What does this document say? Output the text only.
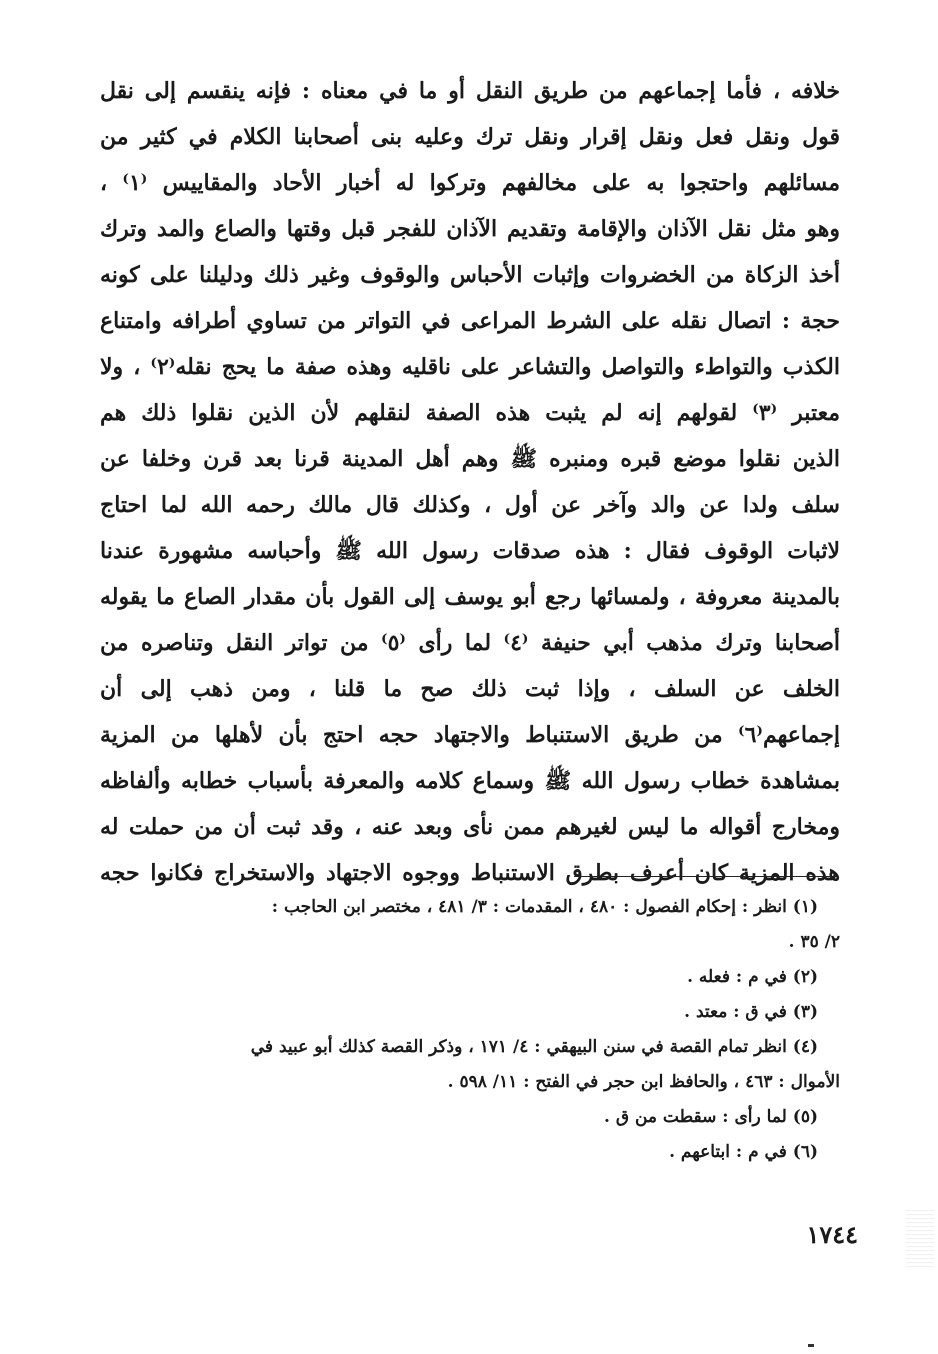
خلافه ، فأما إجماعهم من طريق النقل أو ما في معناه : فإنه ينقسم إلى نقل
قول ونقل فعل ونقل إقرار ونقل ترك وعليه بنى أصحابنا الكلام في كثير من
مسائلهم واحتجوا به على مخالفهم وتركوا له أخبار الأحاد والمقاييس ⁽١⁾ ،
وهو مثل نقل الآذان والإقامة وتقديم الآذان للفجر قبل وقتها والصاع والمد وترك
أخذ الزكاة من الخضروات وإثبات الأحباس والوقوف وغير ذلك ودليلنا على كونه
حجة : اتصال نقله على الشرط المراعى في التواتر من تساوي أطرافه وامتناع
الكذب والتواطء والتواصل والتشاعر على ناقليه وهذه صفة ما يحج نقله⁽٢⁾ ، ولا
معتبر ⁽٣⁾ لقولهم إنه لم يثبت هذه الصفة لنقلهم لأن الذين نقلوا ذلك هم
الذين نقلوا موضع قبره ومنبره ﷺ وهم أهل المدينة قرنا بعد قرن وخلفا عن
سلف ولدا عن والد وآخر عن أول ، وكذلك قال مالك رحمه الله لما احتاج
لاثبات الوقوف فقال : هذه صدقات رسول الله ﷺ وأحباسه مشهورة عندنا
بالمدينة معروفة ، ولمسائها رجع أبو يوسف إلى القول بأن مقدار الصاع ما يقوله
أصحابنا وترك مذهب أبي حنيفة ⁽٤⁾ لما رأى ⁽٥⁾ من تواتر النقل وتناصره من
الخلف عن السلف ، وإذا ثبت ذلك صح ما قلنا ، ومن ذهب إلى أن
إجماعهم⁽٦⁾ من طريق الاستنباط والاجتهاد حجه احتج بأن لأهلها من المزية
بمشاهدة خطاب رسول الله ﷺ وسماع كلامه والمعرفة بأسباب خطابه وألفاظه
ومخارج أقواله ما ليس لغيرهم ممن نأى وبعد عنه ، وقد ثبت أن من حملت له
هذه المزية كان أعرف بطرق الاستنباط ووجوه الاجتهاد والاستخراج فكانوا حجه
(١) انظر : إحكام الفصول : ٤٨٠ ، المقدمات : ٣/ ٤٨١ ، مختصر ابن الحاجب :
٢/ ٣٥ .
(٢) في م : فعله .
(٣) في ق : معتد .
(٤) انظر تمام القصة في سنن البيهقي : ٤/ ١٧١ ، وذكر القصة كذلك أبو عبيد في
الأموال : ٤٦٣ ، والحافظ ابن حجر في الفتح : ١١/ ٥٩٨ .
(٥) لما رأى : سقطت من ق .
(٦) في م : ابتاعهم .
١٧٤٤
